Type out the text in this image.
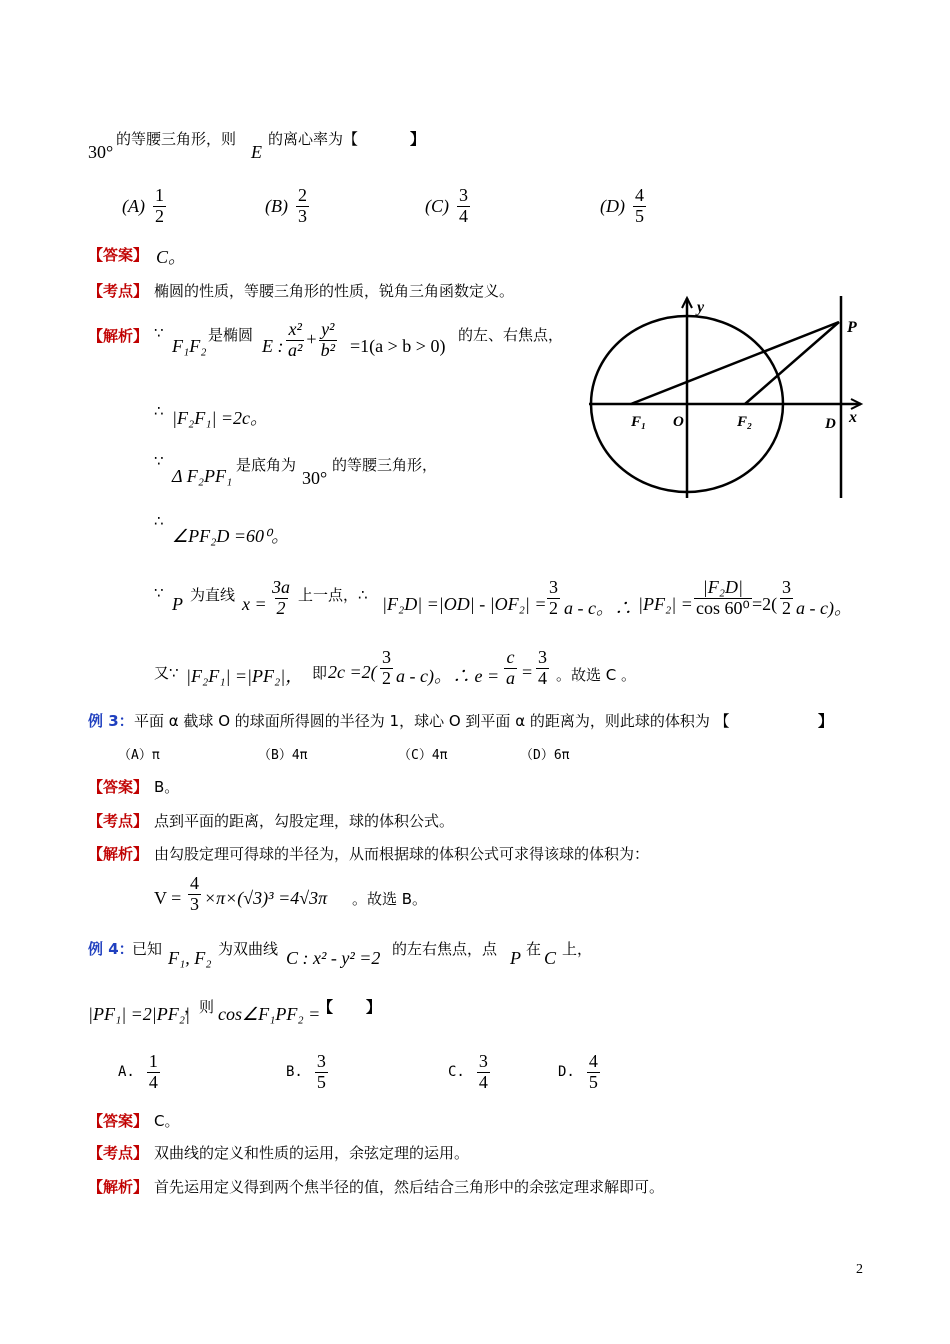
30°
的等腰三角形，则
E
的离心率为【	】
$(A) \frac{1}{2}$	$(B) \frac{2}{3}$	$(C) \frac{3}{4}$	$(D) \frac{4}{5}$
【答案】 C。
【考点】 椭圆的性质，等腰三角形的性质，锐角三角函数定义。
【解析】 ∵
F₁F₂
是椭圆
E : $\frac{\text{x²}}{\text{a²}} + \frac{\text{y²}}{\text{b²}} =1(a > b > 0)$
的左、右焦点，
∴ |F₂F₁| =2c。
∵
Δ F₂PF₁
是底角为
30°
的等腰三角形，
∴
∠PF₂D =60⁰。
∵
P 为直线 $x = \frac{3a}{2}$ 上一点，∴ $|F_2D| =|OD| - |OF_2| = \frac{3}{2}$ a - c。∴ $|PF_2| = \frac{\text{|F₂D|}}{\text{cos 60⁰}} =2( \frac{3}{2}$ a - c)。
又∵ |F₂F₁| =|PF₂|， 即 $2c =2( \frac{3}{2}$ a - c)。∴ $e = \frac{c}{a} = \frac{3}{4}$ 。故选 C 。
y
P
F₁ O	F₂	D x
例 3： 平面 α 截球 O 的球面所得圆的半径为 1，球心 O 到平面 α 的距离为，则此球的体积为 【	】
（A）π	（B）4π	（C）4π	（D）6π
【答案】 B。
【考点】 点到平面的距离，勾股定理，球的体积公式。
【解析】 由勾股定理可得球的半径为，从而根据球的体积公式可求得该球的体积为：
$V = \frac{4}{3} \times\pi\times(√3)^3 =4√3\pi$ 。故选 B。
例 4：
已知 F₁, F₂ 为双曲线 C : x² - y² =2 的左右焦点，点 P 在 C 上，
|PF₁| =2|PF₂|
，则 cos∠F₁PF₂ =
【 】
A. $\frac{1}{4}$	B. $\frac{3}{5}$	C. $\frac{3}{4}$	D. $\frac{4}{5}$
【答案】 C。
【考点】 双曲线的定义和性质的运用，余弦定理的运用。
【解析】 首先运用定义得到两个焦半径的值，然后结合三角形中的余弦定理求解即可。
2
